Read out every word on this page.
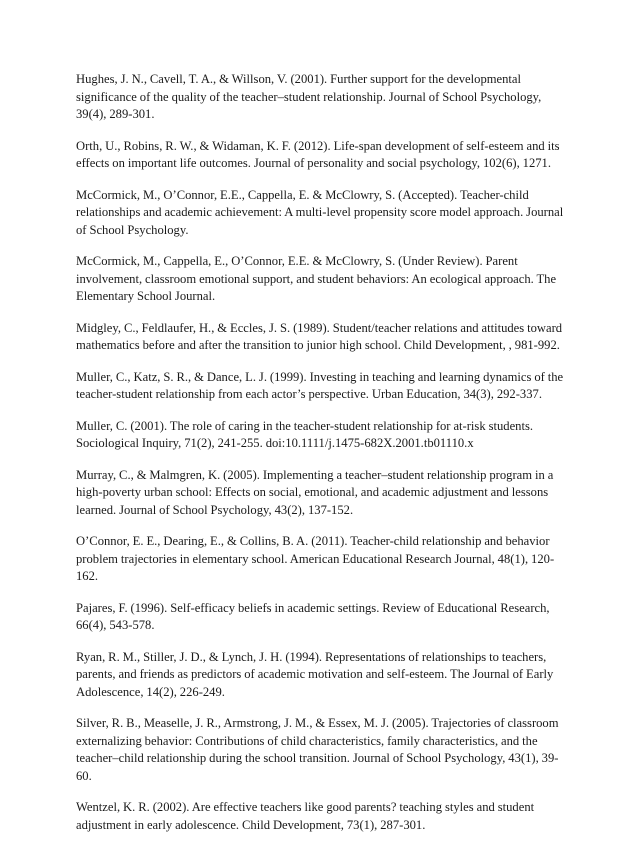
Hughes, J. N., Cavell, T. A., & Willson, V. (2001). Further support for the developmental
significance of the quality of the teacher–student relationship. Journal of School Psychology,
39(4), 289-301.
Orth, U., Robins, R. W., & Widaman, K. F. (2012). Life-span development of self-esteem and its
effects on important life outcomes. Journal of personality and social psychology, 102(6), 1271.
McCormick, M., O’Connor, E.E., Cappella, E. & McClowry, S. (Accepted). Teacher-child
relationships and academic achievement: A multi-level propensity score model approach. Journal
of School Psychology.
McCormick, M., Cappella, E., O’Connor, E.E. & McClowry, S. (Under Review). Parent
involvement, classroom emotional support, and student behaviors: An ecological approach. The
Elementary School Journal.
Midgley, C., Feldlaufer, H., & Eccles, J. S. (1989). Student/teacher relations and attitudes toward
mathematics before and after the transition to junior high school. Child Development, , 981-992.
Muller, C., Katz, S. R., & Dance, L. J. (1999). Investing in teaching and learning dynamics of the
teacher-student relationship from each actor’s perspective. Urban Education, 34(3), 292-337.
Muller, C. (2001). The role of caring in the teacher-student relationship for at-risk students.
Sociological Inquiry, 71(2), 241-255. doi:10.1111/j.1475-682X.2001.tb01110.x
Murray, C., & Malmgren, K. (2005). Implementing a teacher–student relationship program in a
high-poverty urban school: Effects on social, emotional, and academic adjustment and lessons
learned. Journal of School Psychology, 43(2), 137-152.
O’Connor, E. E., Dearing, E., & Collins, B. A. (2011). Teacher-child relationship and behavior
problem trajectories in elementary school. American Educational Research Journal, 48(1), 120-
162.
Pajares, F. (1996). Self-efficacy beliefs in academic settings. Review of Educational Research,
66(4), 543-578.
Ryan, R. M., Stiller, J. D., & Lynch, J. H. (1994). Representations of relationships to teachers,
parents, and friends as predictors of academic motivation and self-esteem. The Journal of Early
Adolescence, 14(2), 226-249.
Silver, R. B., Measelle, J. R., Armstrong, J. M., & Essex, M. J. (2005). Trajectories of classroom
externalizing behavior: Contributions of child characteristics, family characteristics, and the
teacher–child relationship during the school transition. Journal of School Psychology, 43(1), 39-
60.
Wentzel, K. R. (2002). Are effective teachers like good parents? teaching styles and student
adjustment in early adolescence. Child Development, 73(1), 287-301.
